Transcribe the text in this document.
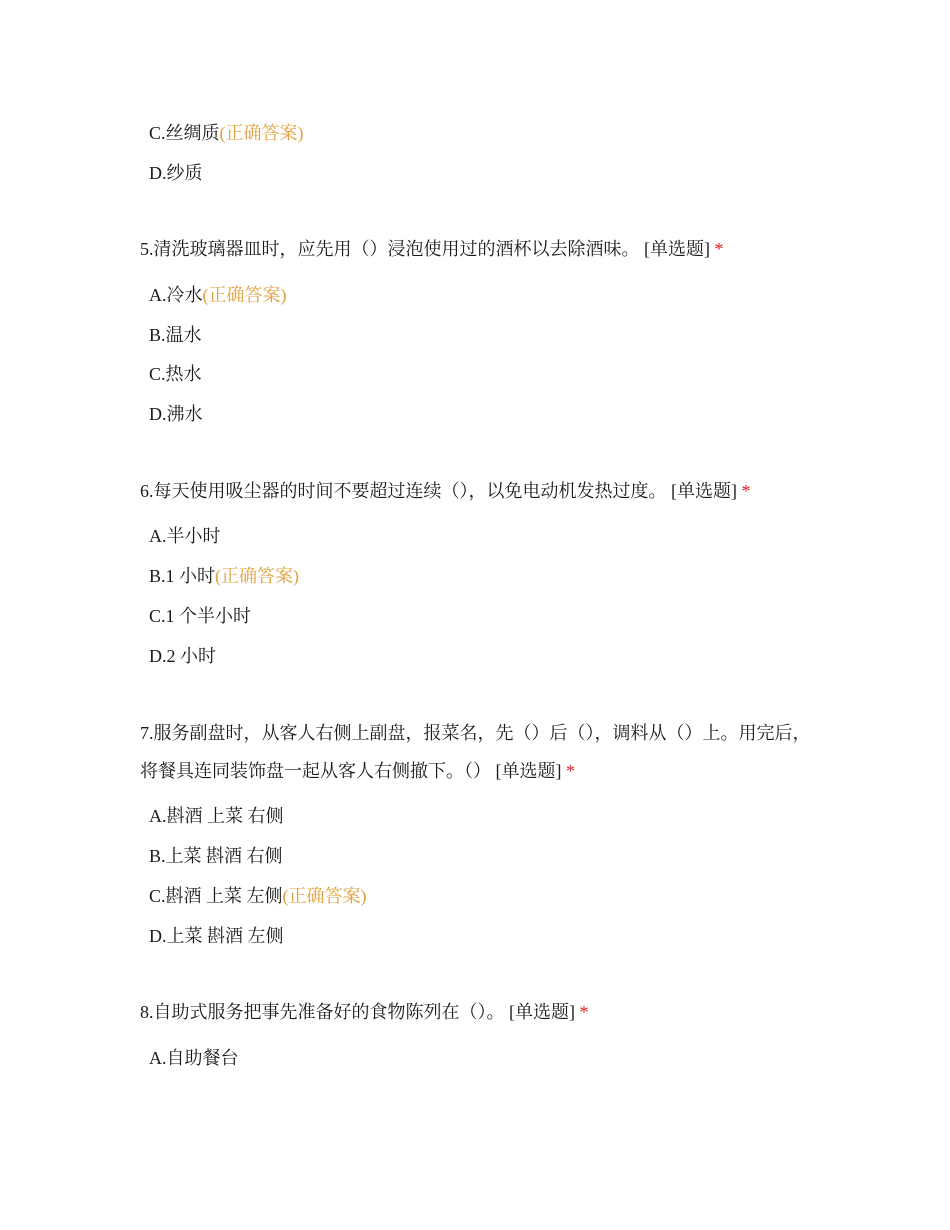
C.丝绸质(正确答案)
D.纱质
5.清洗玻璃器皿时，应先用（）浸泡使用过的酒杯以去除酒味。 [单选题] *
A.冷水(正确答案)
B.温水
C.热水
D.沸水
6.每天使用吸尘器的时间不要超过连续（），以免电动机发热过度。 [单选题] *
A.半小时
B.1 小时(正确答案)
C.1 个半小时
D.2 小时
7.服务副盘时，从客人右侧上副盘，报菜名，先（）后（），调料从（）上。用完后，将餐具连同装饰盘一起从客人右侧撤下。（） [单选题] *
A.斟酒 上菜 右侧
B.上菜 斟酒 右侧
C.斟酒 上菜 左侧(正确答案)
D.上菜 斟酒 左侧
8.自助式服务把事先准备好的食物陈列在（）。 [单选题] *
A.自助餐台
